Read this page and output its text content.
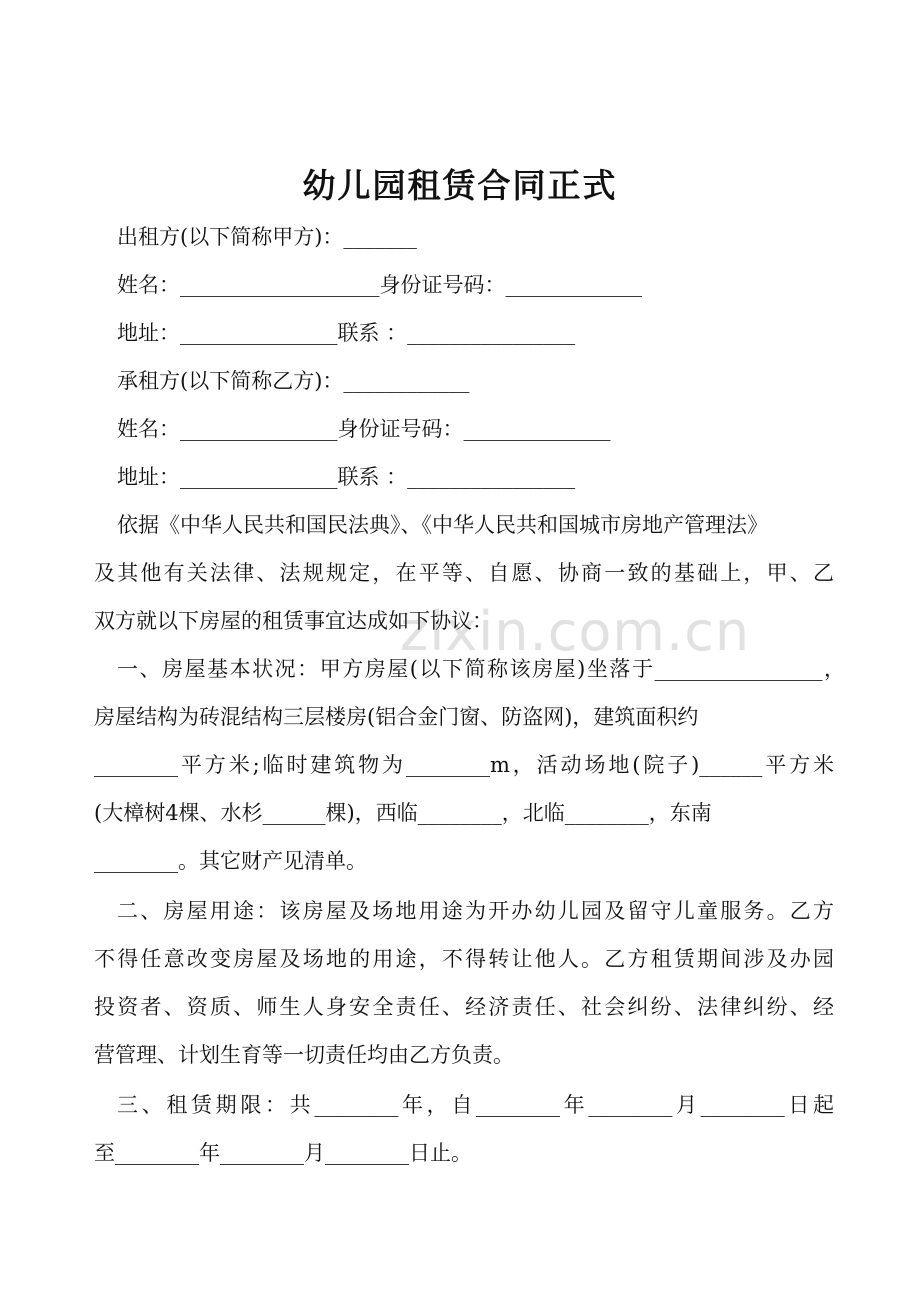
zixin.com.cn
幼儿园租赁合同正式
出租方(以下简称甲方)：_______
姓名：___________________身份证号码：_____________
地址：_______________联系 ：________________
承租方(以下简称乙方)：____________
姓名：_______________身份证号码：______________
地址：_______________联系 ：________________
依据《中华人民共和国民法典》、《中华人民共和国城市房地产管理法》
及其他有关法律、法规规定，在平等、自愿、协商一致的基础上，甲、乙
双方就以下房屋的租赁事宜达成如下协议：
一、房屋基本状况：甲方房屋(以下简称该房屋)坐落于________________，
房屋结构为砖混结构三层楼房(铝合金门窗、防盗网)，建筑面积约
________平方米;临时建筑物为________m，活动场地(院子)______平方米
(大樟树4棵、水杉______棵)，西临________，北临________，东南
________。其它财产见清单。
二、房屋用途：该房屋及场地用途为开办幼儿园及留守儿童服务。乙方
不得任意改变房屋及场地的用途，不得转让他人。乙方租赁期间涉及办园
投资者、资质、师生人身安全责任、经济责任、社会纠纷、法律纠纷、经
营管理、计划生育等一切责任均由乙方负责。
三、租赁期限：共________年，自________年________月________日起
至________年________月________日止。
